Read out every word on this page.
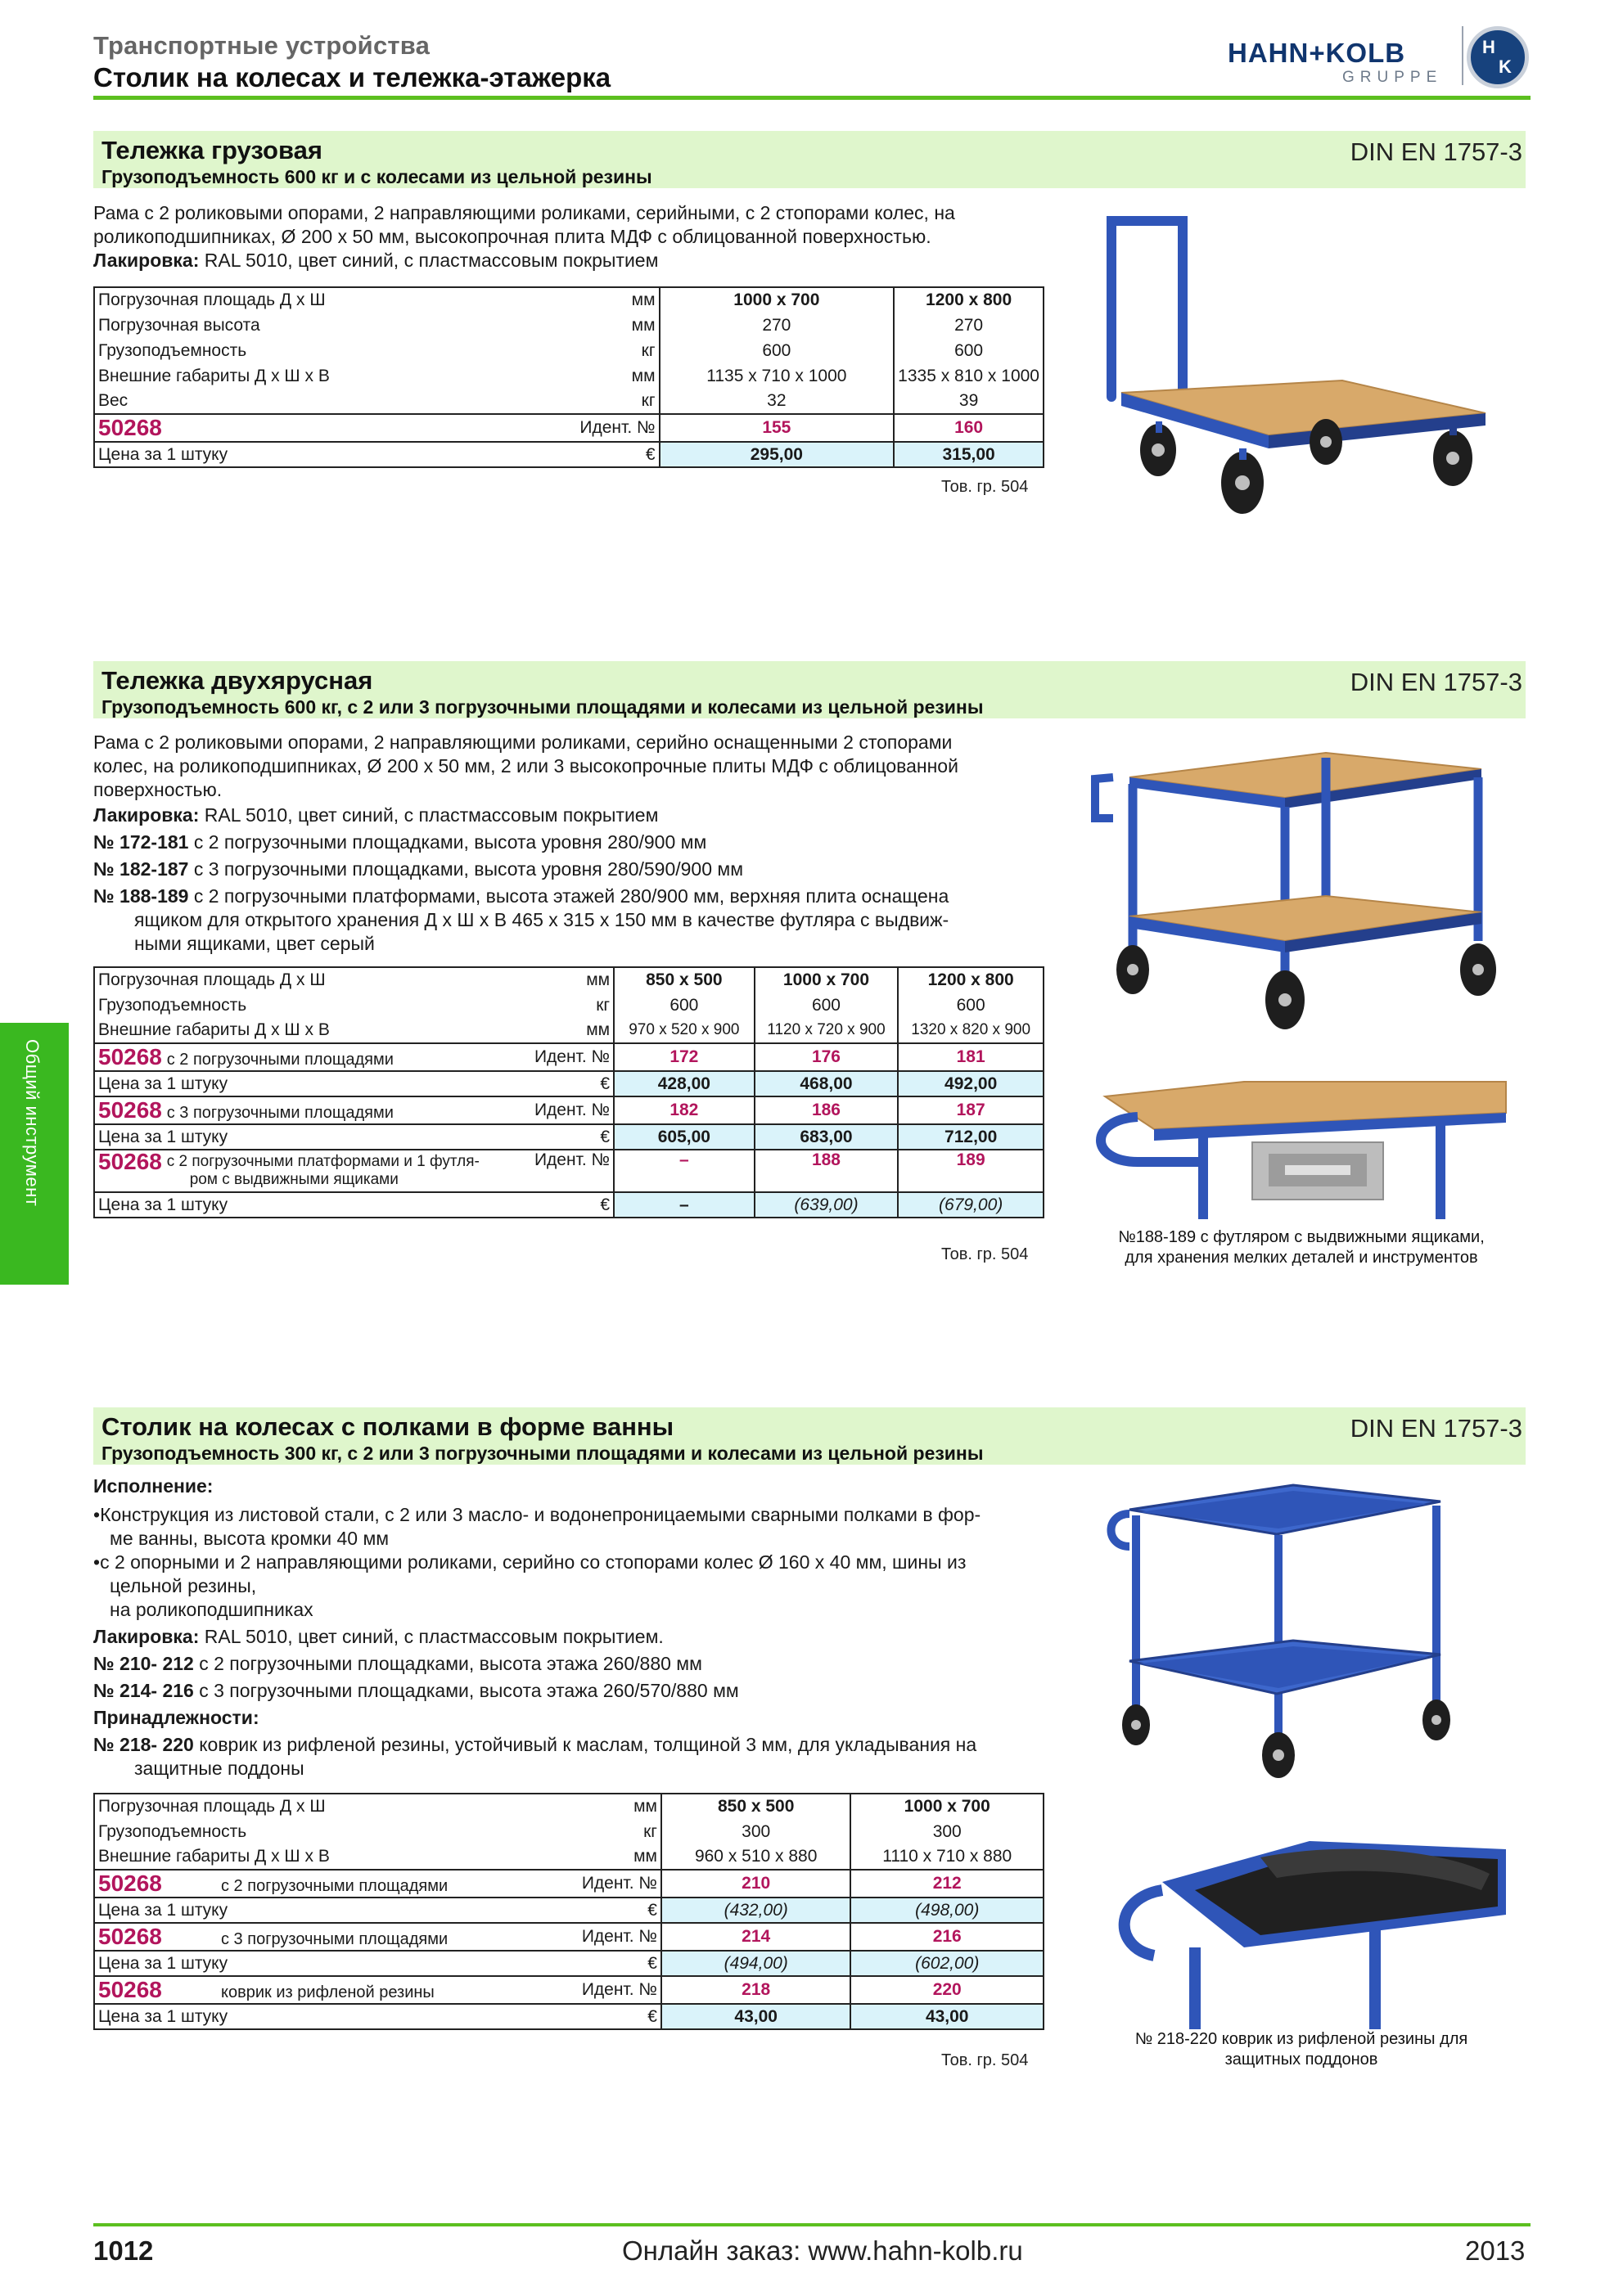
Транспортные устройства
Столик на колесах и тележка-этажерка
HAHN+KOLB
GRUPPE
H
K
Общий инструмент
Тележка грузовая
Грузоподъемность 600 кг и с колесами из цельной резины
DIN EN 1757-3
Рама с 2 роликовыми опорами, 2 направляющими роликами, серийными, с 2 стопорами колес, на
роликоподшипниках, Ø 200 x 50 мм, высокопрочная плита МДФ с облицованной поверхностью.
Лакировка: RAL 5010, цвет синий, с пластмассовым покрытием
Погрузочная площадь Д x Ш	мм	1000 x 700	1200 x 800
Погрузочная высота	мм	270	270
Грузоподъемность	кг	600	600
Внешние габариты Д x Ш x В	мм	1135 x 710 x 1000	1335 x 810 x 1000
Вес	кг	32	39
50268	Идент. №	155	160
Цена за 1 штуку	€	295,00	315,00
Тов. гр. 504
Тележка двухярусная
Грузоподъемность 600 кг, с 2 или 3 погрузочными площадями и колесами из цельной резины
DIN EN 1757-3
Рама с 2 роликовыми опорами, 2 направляющими роликами, серийно оснащенными 2 стопорами
колес, на роликоподшипниках, Ø 200 x 50 мм, 2 или 3 высокопрочные плиты МДФ с облицованной
поверхностью.
Лакировка: RAL 5010, цвет синий, с пластмассовым покрытием
№ 172-181 с 2 погрузочными площадками, высота уровня 280/900 мм
№ 182-187 с 3 погрузочными площадками, высота уровня 280/590/900 мм
№ 188-189 с 2 погрузочными платформами, высота этажей 280/900 мм, верхняя плита оснащена
ящиком для открытого хранения Д x Ш x В 465 x 315 x 150 мм в качестве футляра с выдвиж-
ными ящиками, цвет серый
Погрузочная площадь Д x Ш	мм	850 x 500	1000 x 700	1200 x 800
Грузоподъемность	кг	600	600	600
Внешние габариты Д x Ш x В	мм	970 x 520 x 900	1120 x 720 x 900	1320 x 820 x 900
50268 с 2 погрузочными площадями	Идент. №	172	176	181
Цена за 1 штуку	€	428,00	468,00	492,00
50268 с 3 погрузочными площадями	Идент. №	182	186	187
Цена за 1 штуку	€	605,00	683,00	712,00
50268 с 2 погрузочными платформами и 1 футля-
ром с выдвижными ящиками	Идент. №	–	188	189
Цена за 1 штуку	€	–	(639,00)	(679,00)
Тов. гр. 504
№188-189 с футляром с выдвижными ящиками,
для хранения мелких деталей и инструментов
Столик на колесах с полками в форме ванны
Грузоподъемность 300 кг, с 2 или 3 погрузочными площадями и колесами из цельной резины
DIN EN 1757-3
Исполнение:
•Конструкция из листовой стали, с 2 или 3 масло- и водонепроницаемыми сварными полками в фор-
ме ванны, высота кромки 40 мм
•с 2 опорными и 2 направляющими роликами, серийно со стопорами колес Ø 160 x 40 мм, шины из
цельной резины,
на роликоподшипниках
Лакировка: RAL 5010, цвет синий, с пластмассовым покрытием.
№ 210- 212 с 2 погрузочными площадками, высота этажа 260/880 мм
№ 214- 216 с 3 погрузочными площадками, высота этажа 260/570/880 мм
Принадлежности:
№ 218- 220 коврик из рифленой резины, устойчивый к маслам, толщиной 3 мм, для укладывания на
защитные поддоны
Погрузочная площадь Д x Ш	мм	850 x 500	1000 x 700
Грузоподъемность	кг	300	300
Внешние габариты Д x Ш x В	мм	960 x 510 x 880	1110 x 710 x 880
50268 с 2 погрузочными площадями	Идент. №	210	212
Цена за 1 штуку	€	(432,00)	(498,00)
50268 с 3 погрузочными площадями	Идент. №	214	216
Цена за 1 штуку	€	(494,00)	(602,00)
50268 коврик из рифленой резины	Идент. №	218	220
Цена за 1 штуку	€	43,00	43,00
Тов. гр. 504
№ 218-220 коврик из рифленой резины для
защитных поддонов
1012	Онлайн заказ: www.hahn-kolb.ru	2013
